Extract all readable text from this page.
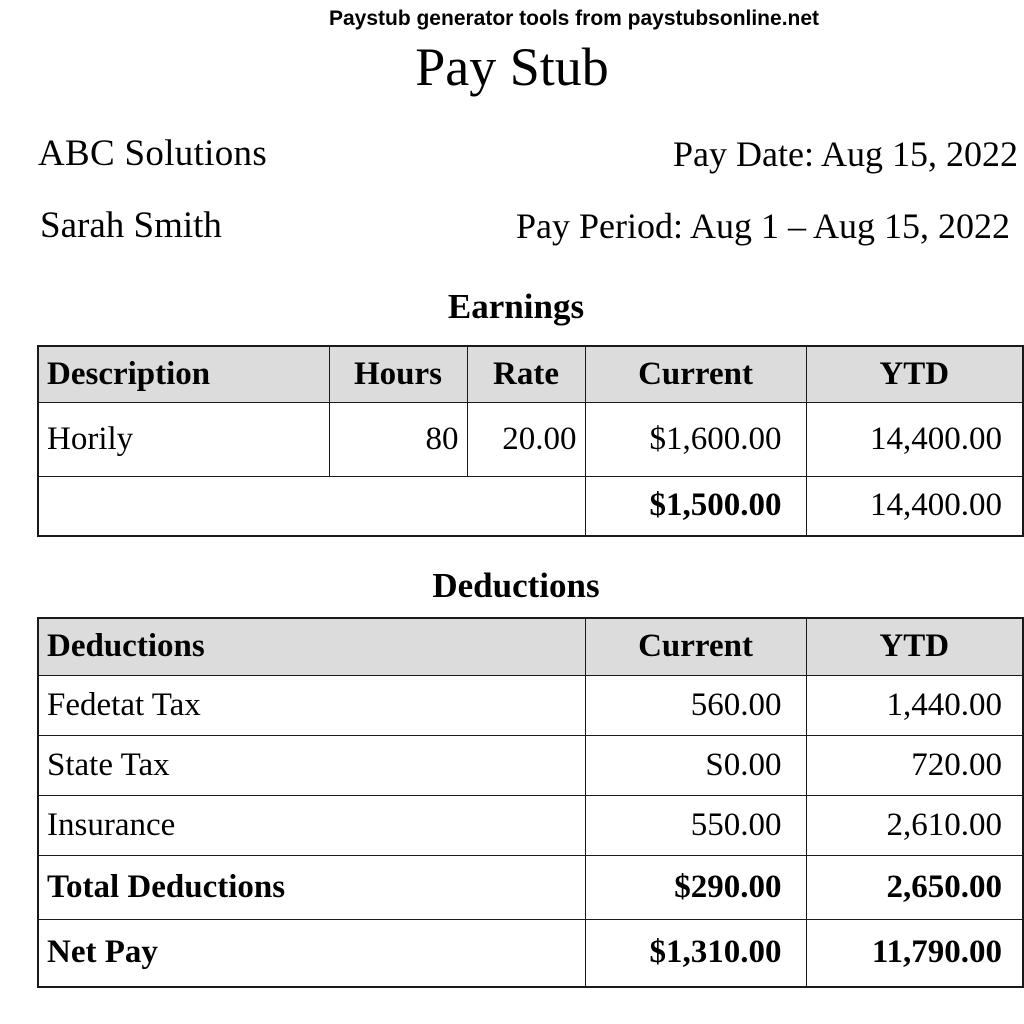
Paystub generator tools from paystubsonline.net
Pay Stub
ABC Solutions
Sarah Smith
Pay Date: Aug 15, 2022
Pay Period: Aug 1 – Aug 15, 2022
Earnings
Description	Hours	Rate	Current	YTD
Horily	80	20.00	$1,600.00	14,400.00
			$1,500.00	14,400.00
Deductions
Deductions	Current	YTD
Fedetat Tax	560.00	1,440.00
State Tax	S0.00	720.00
Insurance	550.00	2,610.00
Total Deductions	$290.00	2,650.00
Net Pay	$1,310.00	11,790.00
